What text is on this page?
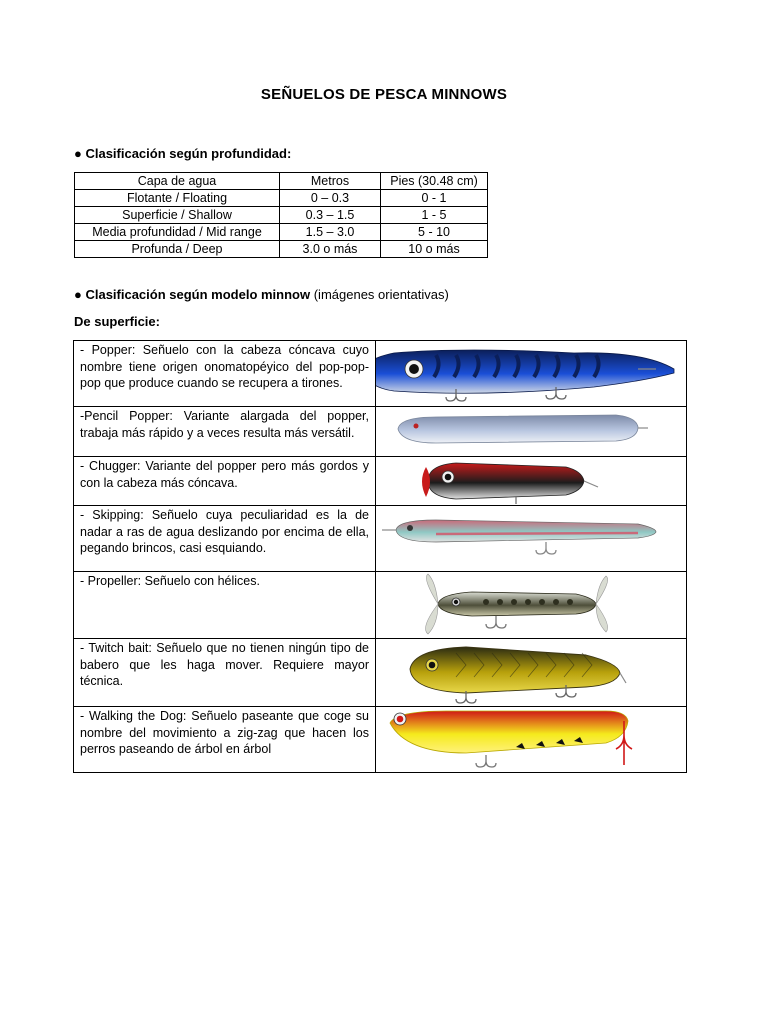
SEÑUELOS DE PESCA MINNOWS
● Clasificación según profundidad:
Capa de agua	Metros	Pies (30.48 cm)
Flotante / Floating	0 – 0.3	0 - 1
Superficie / Shallow	0.3 – 1.5	1 - 5
Media profundidad / Mid range	1.5 – 3.0	5 - 10
Profunda / Deep	3.0 o más	10 o más
● Clasificación según modelo minnow (imágenes orientativas)
De superficie:
- Popper: Señuelo con la cabeza cóncava cuyo nombre tiene origen onomatopéyico del pop-pop-pop que produce cuando se recupera a tirones.	

-Pencil Popper: Variante alargada del popper, trabaja más rápido y a veces resulta más versátil.	

- Chugger: Variante del popper pero más gordos y con la cabeza más cóncava.	

- Skipping: Señuelo cuya peculiaridad es la de nadar a ras de agua deslizando por encima de ella, pegando brincos, casi esquiando.	

- Propeller: Señuelo con hélices.	

- Twitch bait: Señuelo que no tienen ningún tipo de babero que les haga mover. Requiere mayor técnica.	

- Walking the Dog: Señuelo paseante que coge su nombre del movimiento a zig-zag que hacen los perros paseando de árbol en árbol	
